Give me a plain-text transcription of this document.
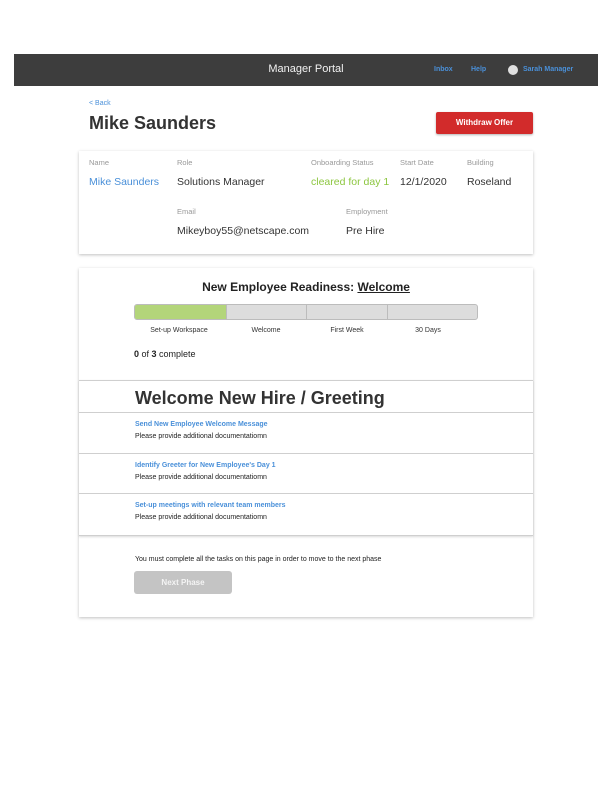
Manager Portal	Inbox	Help	Sarah Manager
< Back
Mike Saunders	Withdraw Offer
Name
Mike Saunders
Role
Solutions Manager
Onboarding Status
cleared for day 1
Start Date
12/1/2020
Building
Roseland
Email
Mikeyboy55@netscape.com
Employment
Pre Hire
New Employee Readiness: Welcome
Set-up Workspace	Welcome	First Week	30 Days
0 of 3 complete
Welcome New Hire / Greeting
Send New Employee Welcome Message
Please provide additional documentatiomn
Identify Greeter for New Employee's Day 1
Please provide additional documentatiomn
Set-up meetings with relevant team members
Please provide additional documentatiomn
You must complete all the tasks on this page in order to move to the next phase
Next Phase
